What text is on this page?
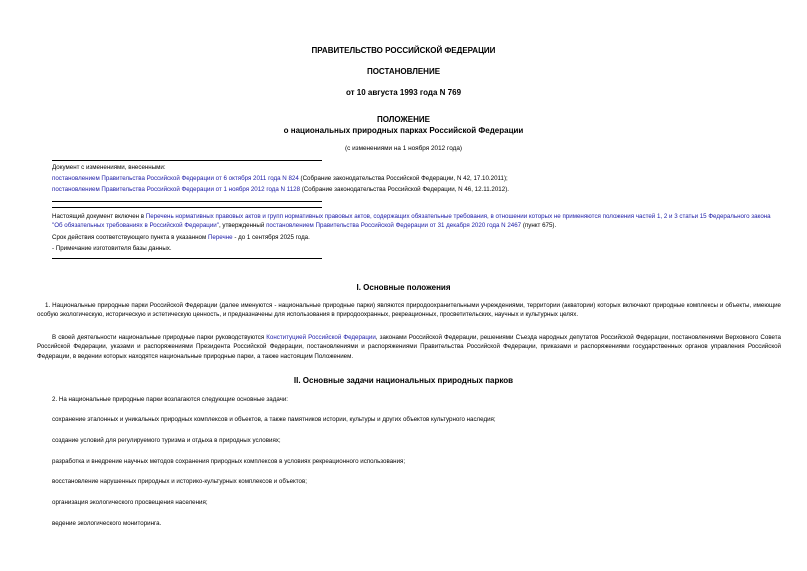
ПРАВИТЕЛЬСТВО РОССИЙСКОЙ ФЕДЕРАЦИИ
ПОСТАНОВЛЕНИЕ
от 10 августа 1993 года N 769
ПОЛОЖЕНИЕ
о национальных природных парках Российской Федерации
(с изменениями на 1 ноября 2012 года)
Документ с изменениями, внесенными:
постановлением Правительства Российской Федерации от 6 октября 2011 года N 824 (Собрание законодательства Российской Федерации, N 42, 17.10.2011);
постановлением Правительства Российской Федерации от 1 ноября 2012 года N 1128 (Собрание законодательства Российской Федерации, N 46, 12.11.2012).
Настоящий документ включен в Перечень нормативных правовых актов и групп нормативных правовых актов, содержащих обязательные требования, в отношении которых не применяются положения частей 1, 2 и 3 статьи 15 Федерального закона "Об обязательных требованиях в Российской Федерации", утвержденный постановлением Правительства Российской Федерации от 31 декабря 2020 года N 2467 (пункт 675).
Срок действия соответствующего пункта в указанном Перечне - до 1 сентября 2025 года.
- Примечание изготовителя базы данных.
I. Основные положения
1. Национальные природные парки Российской Федерации (далее именуются - национальные природные парки) являются природоохранительными учреждениями, территории (акватории) которых включают природные комплексы и объекты, имеющие особую экологическую, историческую и эстетическую ценность, и предназначены для использования в природоохранных, рекреационных, просветительских, научных и культурных целях.
В своей деятельности национальные природные парки руководствуются Конституцией Российской Федерации, законами Российской Федерации, решениями Съезда народных депутатов Российской Федерации, постановлениями Верховного Совета Российской Федерации, указами и распоряжениями Президента Российской Федерации, постановлениями и распоряжениями Правительства Российской Федерации, приказами и распоряжениями государственных органов управления Российской Федерации, в ведении которых находятся национальные природные парки, а также настоящим Положением.
II. Основные задачи национальных природных парков
2. На национальные природные парки возлагаются следующие основные задачи:
сохранение эталонных и уникальных природных комплексов и объектов, а также памятников истории, культуры и других объектов культурного наследия;
создание условий для регулируемого туризма и отдыха в природных условиях;
разработка и внедрение научных методов сохранения природных комплексов в условиях рекреационного использования;
восстановление нарушенных природных и историко-культурных комплексов и объектов;
организация экологического просвещения населения;
ведение экологического мониторинга.
